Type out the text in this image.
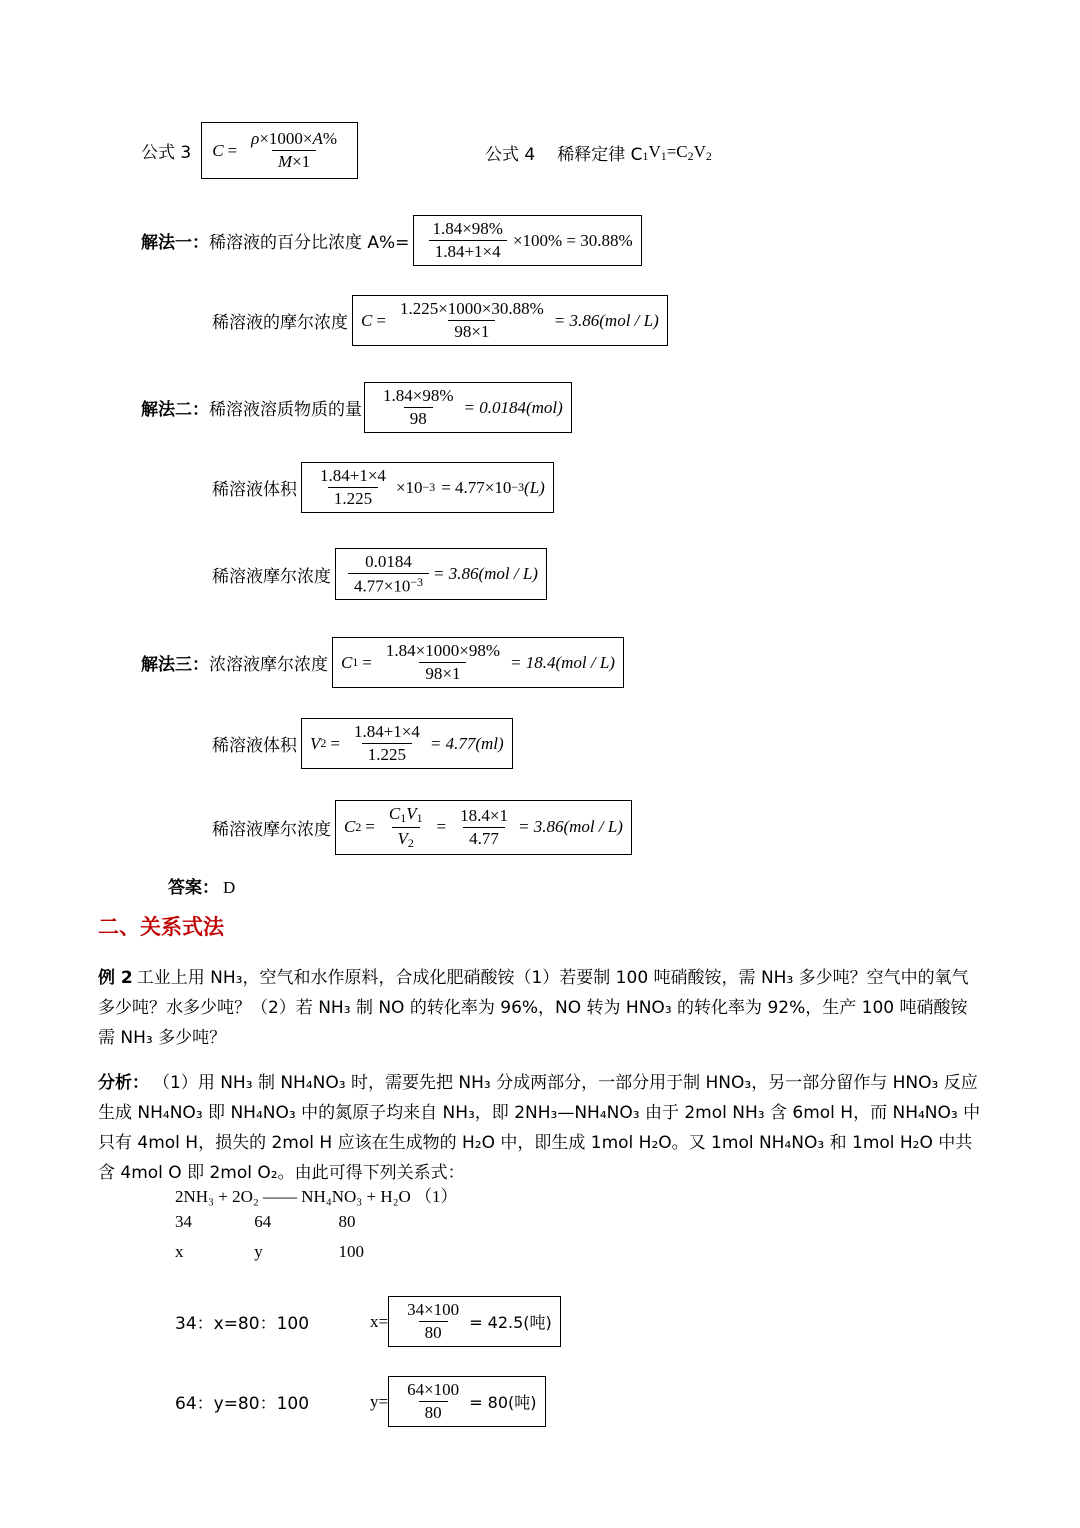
公式 3 $C = \frac{\rho\times 1000\times A\%}{M\times 1}$	公式 4 稀释定律 C $_1V_1=C_2V_2$
解法一： 稀溶液的百分比浓度 $A\%= \frac{1.84\times 98\%}{1.84+1\times 4} \times 100\% = 30.88\%$
稀溶液的摩尔浓度 $C = \frac{1.225\times 1000\times 30.88\%}{98\times 1} = 3.86(mol / L)$
解法二： 稀溶液溶质物质的量 $\frac{1.84\times 98\%}{98} = 0.0184(mol)$
稀溶液体积 $\frac{1.84+1\times 4}{1.225} \times 10 -3 = 4.77\times 10 -3$ (L)
稀溶液摩尔浓度 $\frac{0.0184}{4.77\times 10^{-3}} = 3.86(mol / L)$
解法三： 浓溶液摩尔浓度 C $1 = \frac{1.84\times 1000\times 98\%}{98\times 1} = 18.4(mol / L)$
稀溶液体积 V $2 = \frac{1.84+1\times 4}{1.225} = 4.77(ml)$
稀溶液摩尔浓度 C $2 = \frac{C_1V_1}{V_2} = \frac{18.4\times 1}{4.77} = 3.86(mol / L)$
答案： D
二、关系式法
例 2 工业上用 NH₃，空气和水作原料，合成化肥硝酸铵（1）若要制 100 吨硝酸铵，需 NH₃ 多少吨？空气中的氧气多少吨？水多少吨？（2）若 NH₃ 制 NO 的转化率为 96%，NO 转为 HNO₃ 的转化率为 92%，生产 100 吨硝酸铵需 NH₃ 多少吨？
分析： （1）用 NH₃ 制 NH₄NO₃ 时，需要先把 NH₃ 分成两部分，一部分用于制 HNO₃，另一部分留作与 HNO₃ 反应生成 NH₄NO₃ 即 NH₄NO₃ 中的氮原子均来自 NH₃，即 2NH₃—NH₄NO₃ 由于 2mol NH₃ 含 6mol H，而 NH₄NO₃ 中只有 4mol H，损失的 2mol H 应该在生成物的 H₂O 中，即生成 1mol H₂O。又 1mol NH₄NO₃ 和 1mol H₂O 中共含 4mol O 即 2mol O₂。由此可得下列关系式：
2NH₃ + 2O₂ —— NH₄NO₃ + H₂O （1）
34	64	80
x	y	100
34：x=80：100	$x= \frac{34\times 100}{80} = 42.5$(吨)
64：y=80：100	$y= \frac{64\times 100}{80} = 80$(吨)
